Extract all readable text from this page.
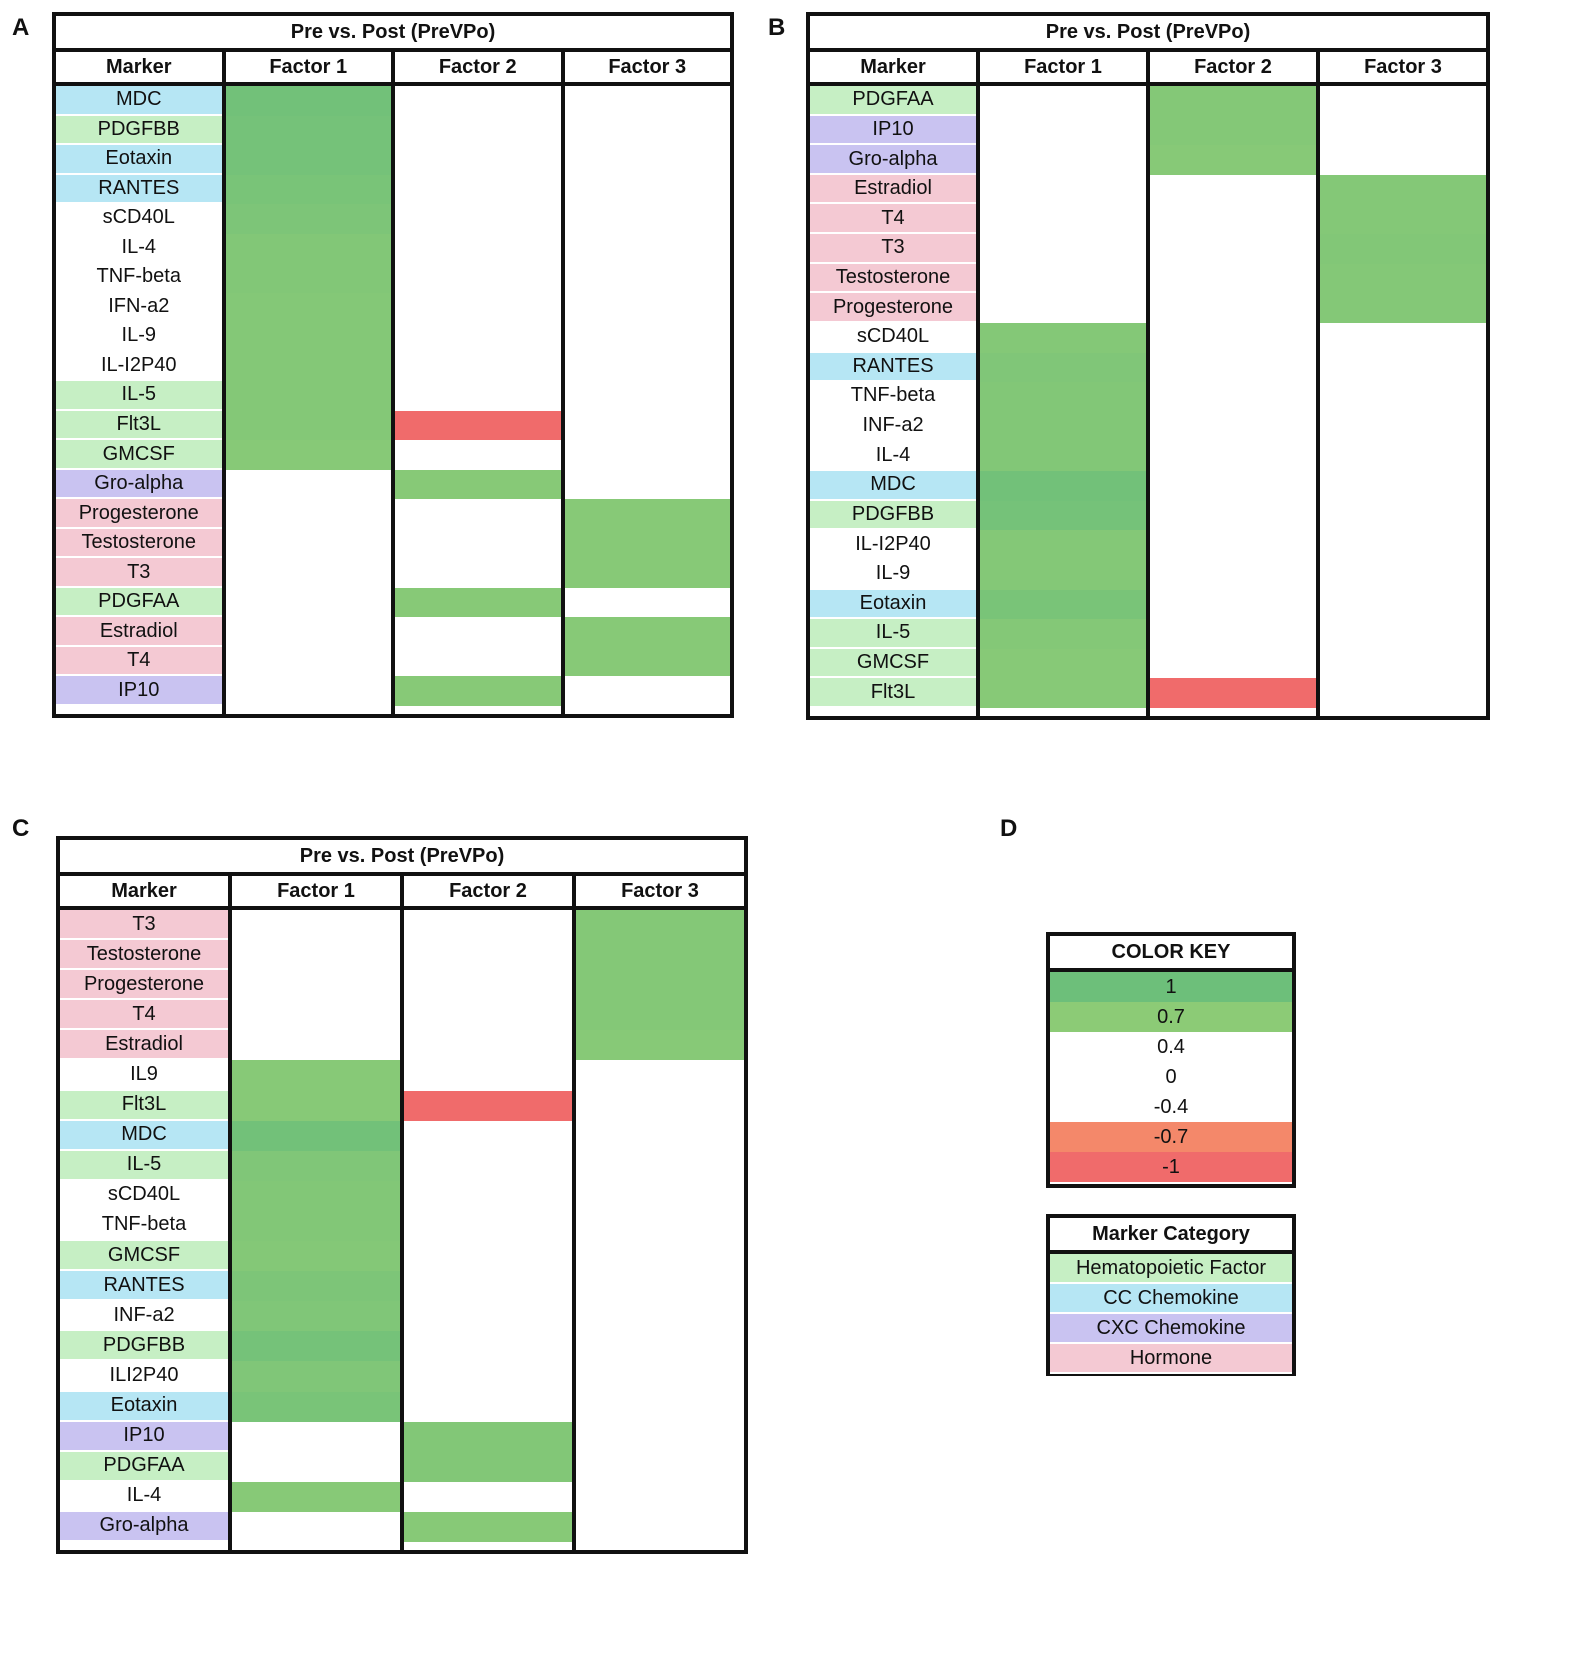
A	B
C	D
Pre vs. Post (PreVPo)
Marker	Factor 1	Factor 2	Factor 3
MDC
PDGFBB
Eotaxin
RANTES
sCD40L
IL-4
TNF-beta
IFN-a2
IL-9
IL-I2P40
IL-5
Flt3L
GMCSF
Gro-alpha
Progesterone
Testosterone
T3
PDGFAA
Estradiol
T4
IP10
Pre vs. Post (PreVPo)
Marker	Factor 1	Factor 2	Factor 3
PDGFAA
IP10
Gro-alpha
Estradiol
T4
T3
Testosterone
Progesterone
sCD40L
RANTES
TNF-beta
INF-a2
IL-4
MDC
PDGFBB
IL-I2P40
IL-9
Eotaxin
IL-5
GMCSF
Flt3L
Pre vs. Post (PreVPo)
Marker	Factor 1	Factor 2	Factor 3
T3
Testosterone
Progesterone
T4
Estradiol
IL9
Flt3L
MDC
IL-5
sCD40L
TNF-beta
GMCSF
RANTES
INF-a2
PDGFBB
ILI2P40
Eotaxin
IP10
PDGFAA
IL-4
Gro-alpha
COLOR KEY
1
0.7
0.4
0
-0.4
-0.7
-1
Marker Category
Hematopoietic Factor
CC Chemokine
CXC Chemokine
Hormone
